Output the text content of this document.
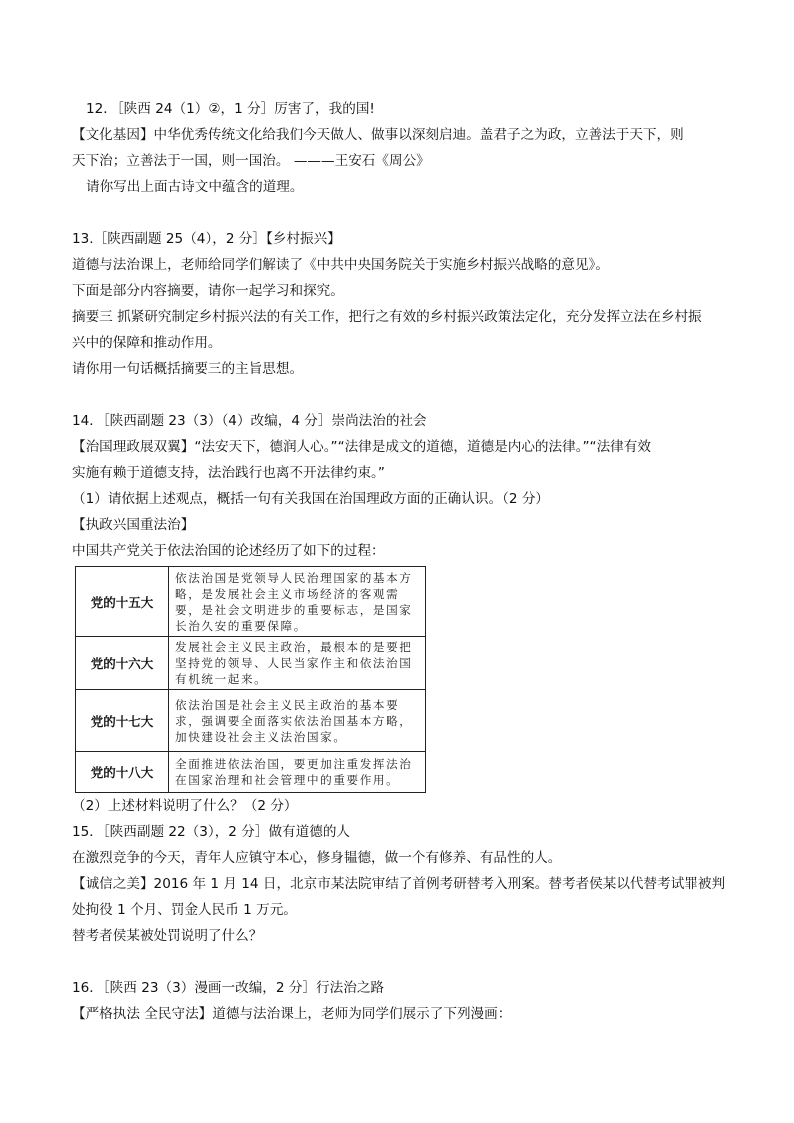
12．［陕西 24（1）②，1 分］厉害了，我的国!
【文化基因】中华优秀传统文化给我们今天做人、做事以深刻启迪。盖君子之为政，立善法于天下，则
天下治；立善法于一国，则一国治。 ———王安石《周公》
请你写出上面古诗文中蕴含的道理。
13.［陕西副题 25（4），2 分］【乡村振兴】
道德与法治课上，老师给同学们解读了《中共中央国务院关于实施乡村振兴战略的意见》。
下面是部分内容摘要，请你一起学习和探究。
摘要三 抓紧研究制定乡村振兴法的有关工作，把行之有效的乡村振兴政策法定化，充分发挥立法在乡村振
兴中的保障和推动作用。
请你用一句话概括摘要三的主旨思想。
14．［陕西副题 23（3）（4）改编，4 分］崇尚法治的社会
【治国理政展双翼】“法安天下，德润人心。”“法律是成文的道德，道德是内心的法律。”“法律有效
实施有赖于道德支持，法治践行也离不开法律约束。”
（1）请依据上述观点，概括一句有关我国在治国理政方面的正确认识。（2 分）
【执政兴国重法治】
中国共产党关于依法治国的论述经历了如下的过程：
党的十五大	依法治国是党领导人民治理国家的基本方略，是发展社会主义市场经济的客观需要，是社会文明进步的重要标志，是国家长治久安的重要保障。
党的十六大	发展社会主义民主政治，最根本的是要把坚持党的领导、人民当家作主和依法治国有机统一起来。
党的十七大	依法治国是社会主义民主政治的基本要求，强调要全面落实依法治国基本方略，加快建设社会主义法治国家。
党的十八大	全面推进依法治国，要更加注重发挥法治在国家治理和社会管理中的重要作用。
（2）上述材料说明了什么？（2 分）
15．［陕西副题 22（3），2 分］做有道德的人
在激烈竞争的今天，青年人应镇守本心，修身韫德，做一个有修养、有品性的人。
【诚信之美】2016 年 1 月 14 日，北京市某法院审结了首例考研替考入刑案。替考者侯某以代替考试罪被判
处拘役 1 个月、罚金人民币 1 万元。
替考者侯某被处罚说明了什么？
16．［陕西 23（3）漫画一改编，2 分］行法治之路
【严格执法 全民守法】道德与法治课上，老师为同学们展示了下列漫画：
